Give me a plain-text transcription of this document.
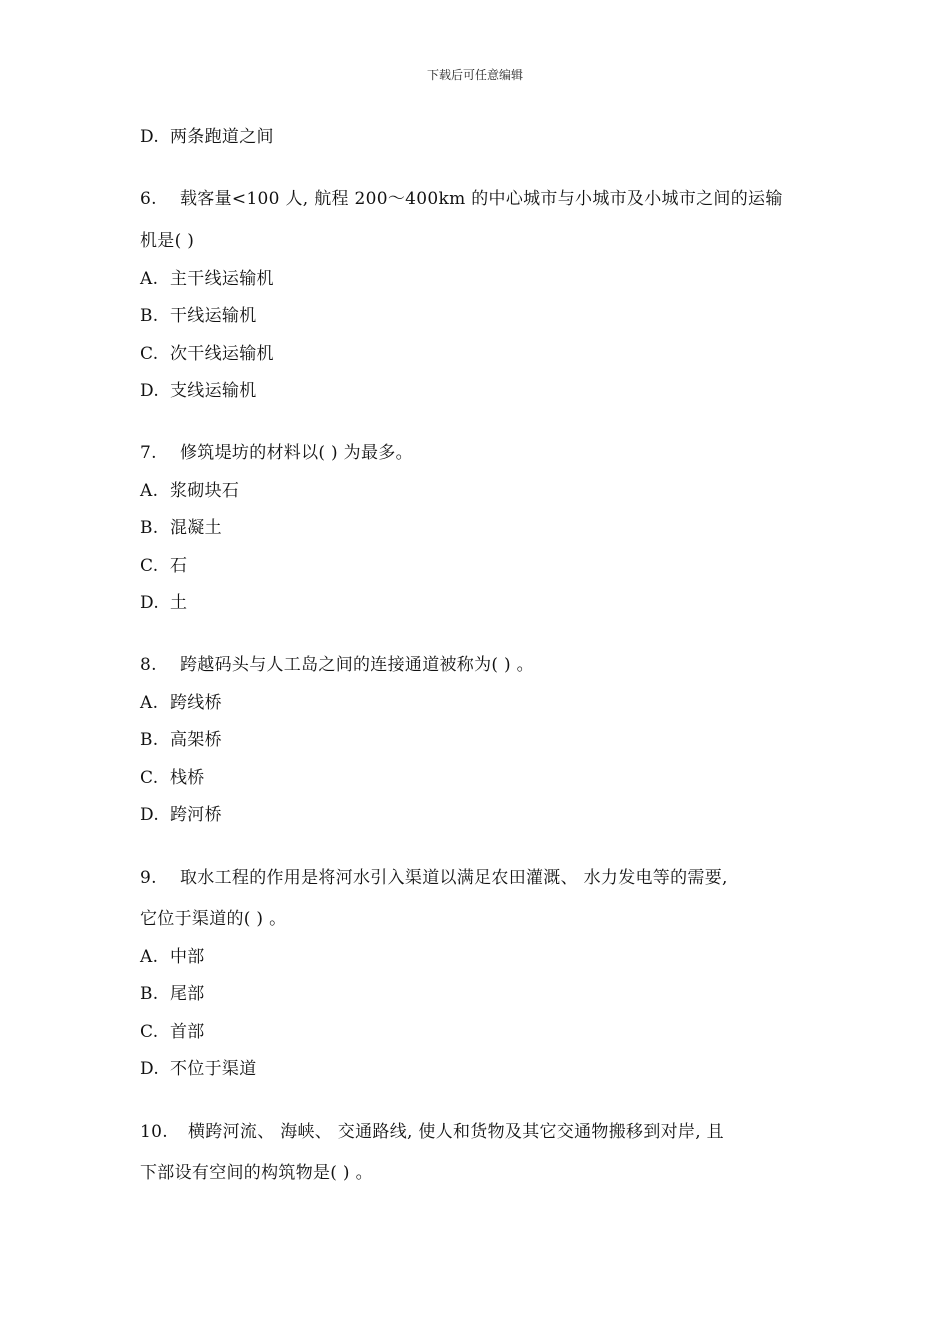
下载后可任意编辑
D. 两条跑道之间
6. 载客量<100 人, 航程 200～400km 的中心城市与小城市及小城市之间的运输
机是( )
A. 主干线运输机
B. 干线运输机
C. 次干线运输机
D. 支线运输机
7. 修筑堤坊的材料以( ) 为最多。
A. 浆砌块石
B. 混凝土
C. 石
D. 土
8. 跨越码头与人工岛之间的连接通道被称为( ) 。
A. 跨线桥
B. 高架桥
C. 栈桥
D. 跨河桥
9. 取水工程的作用是将河水引入渠道以满足农田灌溉、 水力发电等的需要,
它位于渠道的( ) 。
A. 中部
B. 尾部
C. 首部
D. 不位于渠道
10. 横跨河流、 海峡、 交通路线, 使人和货物及其它交通物搬移到对岸, 且
下部设有空间的构筑物是( ) 。
